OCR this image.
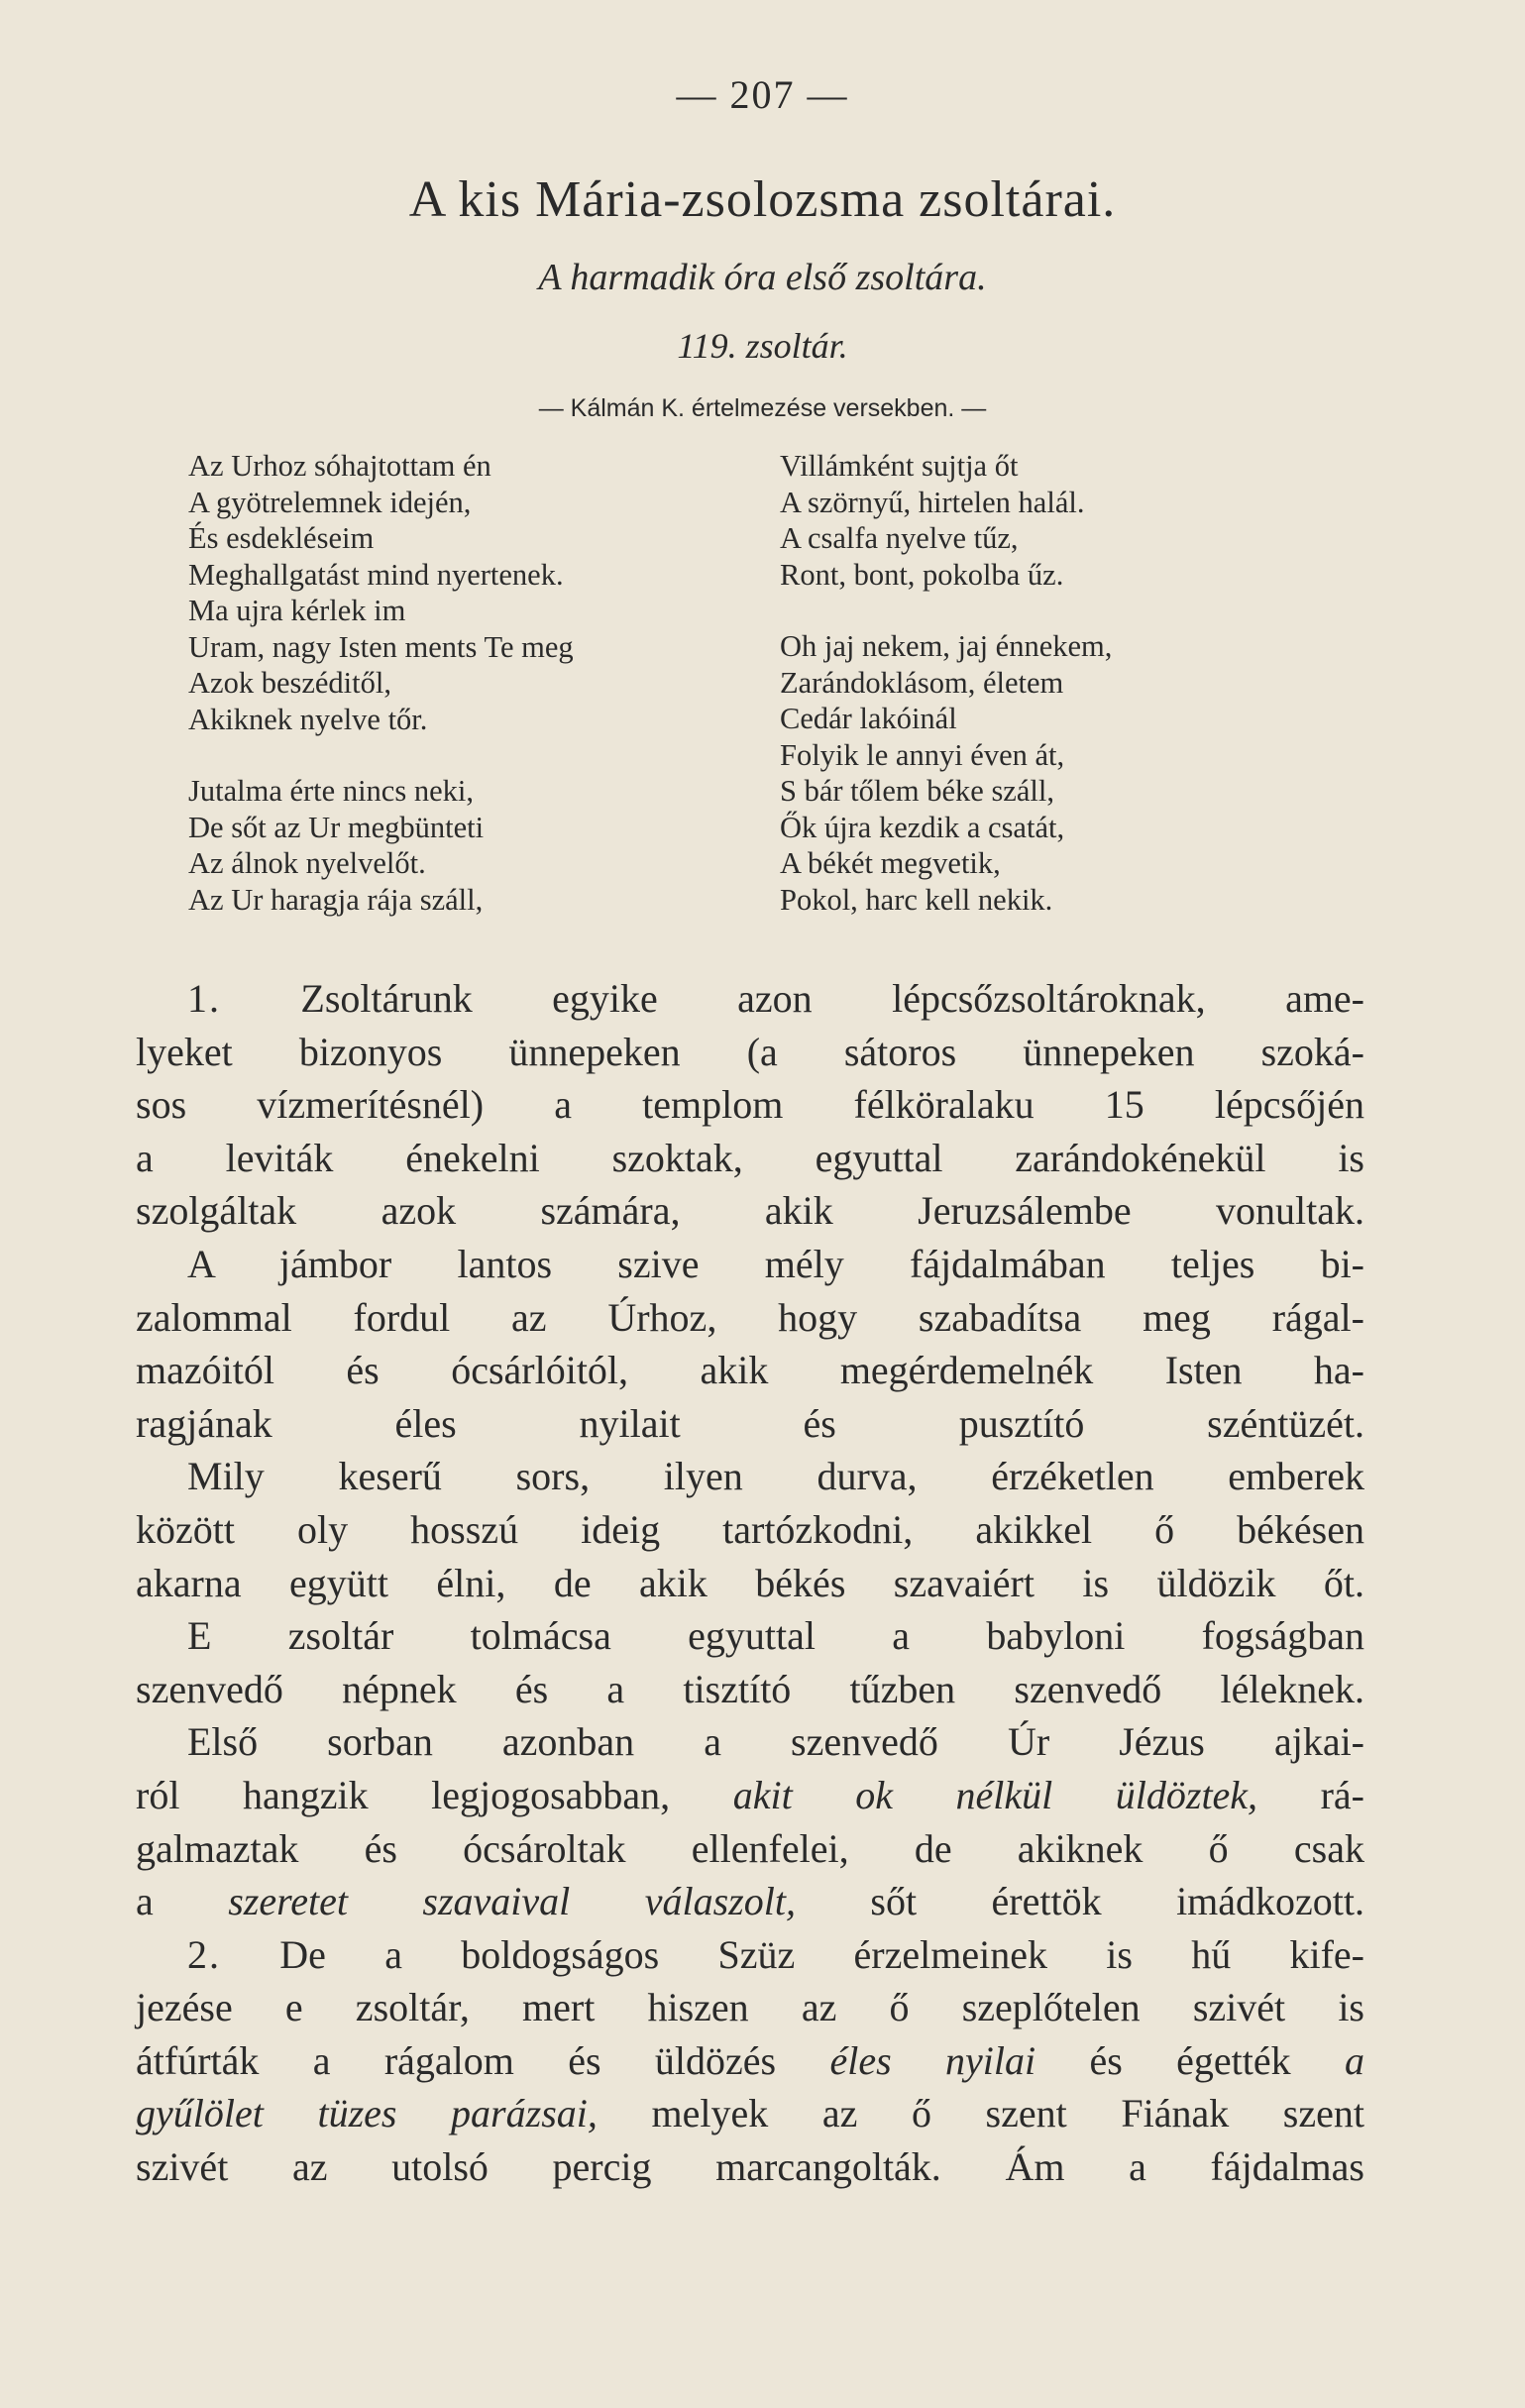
— 207 —
A kis Mária-zsolozsma zsoltárai.
A harmadik óra első zsoltára.
119. zsoltár.
— Kálmán K. értelmezése versekben. —
Az Urhoz sóhajtottam én
A gyötrelemnek idején,
És esdekléseim
Meghallgatást mind nyertenek.
Ma ujra kérlek im
Uram, nagy Isten ments Te meg
Azok beszéditől,
Akiknek nyelve tőr.
Jutalma érte nincs neki,
De sőt az Ur megbünteti
Az álnok nyelvelőt.
Az Ur haragja rája száll,
Villámként sujtja őt
A szörnyű, hirtelen halál.
A csalfa nyelve tűz,
Ront, bont, pokolba űz.
Oh jaj nekem, jaj énnekem,
Zarándoklásom, életem
Cedár lakóinál
Folyik le annyi éven át,
S bár tőlem béke száll,
Ők újra kezdik a csatát,
A békét megvetik,
Pokol, harc kell nekik.

1. Zsoltárunk egyike azon lépcsőzsoltároknak, ame-
lyeket bizonyos ünnepeken (a sátoros ünnepeken szoká-
sos vízmerítésnél) a templom félköralaku 15 lépcsőjén
a leviták énekelni szoktak, egyuttal zarándokénekül is
szolgáltak azok számára, akik Jeruzsálembe vonultak.

A jámbor lantos szive mély fájdalmában teljes bi-
zalommal fordul az Úrhoz, hogy szabadítsa meg rágal-
mazóitól és ócsárlóitól, akik megérdemelnék Isten ha-
ragjának éles nyilait és pusztító széntüzét.

Mily keserű sors, ilyen durva, érzéketlen emberek
között oly hosszú ideig tartózkodni, akikkel ő békésen
akarna együtt élni, de akik békés szavaiért is üldözik őt.

E zsoltár tolmácsa egyuttal a babyloni fogságban
szenvedő népnek és a tisztító tűzben szenvedő léleknek.

Első sorban azonban a szenvedő Úr Jézus ajkai-
ról hangzik legjogosabban, akit ok nélkül üldöztek, rá-
galmaztak és ócsároltak ellenfelei, de akiknek ő csak
a szeretet szavaival válaszolt, sőt érettök imádkozott.

2. De a boldogságos Szüz érzelmeinek is hű kife-
jezése e zsoltár, mert hiszen az ő szeplőtelen szivét is
átfúrták a rágalom és üldözés éles nyilai és égették a
gyűlölet tüzes parázsai, melyek az ő szent Fiának szent
szivét az utolsó percig marcangolták. Ám a fájdalmas
